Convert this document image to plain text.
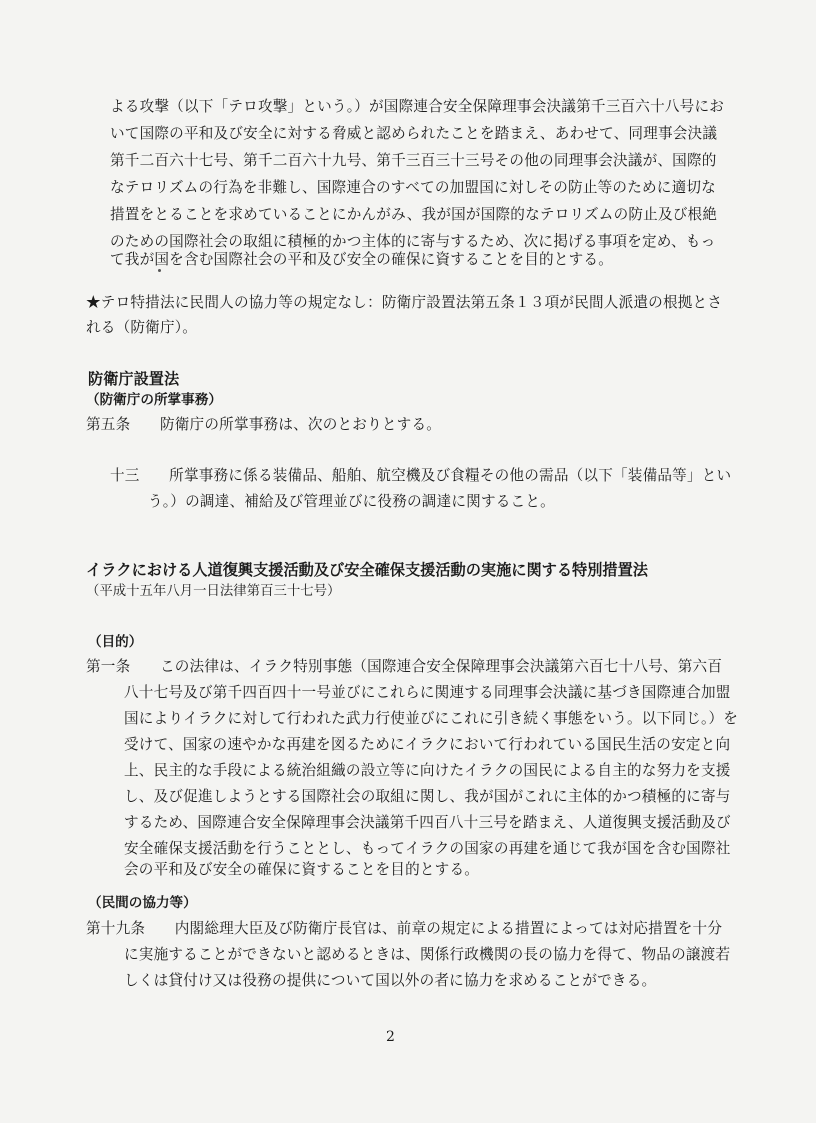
よる攻撃（以下「テロ攻撃」という。）が国際連合安全保障理事会決議第千三百六十八号にお
いて国際の平和及び安全に対する脅威と認められたことを踏まえ、あわせて、同理事会決議
第千二百六十七号、第千二百六十九号、第千三百三十三号その他の同理事会決議が、国際的
なテロリズムの行為を非難し、国際連合のすべての加盟国に対しその防止等のために適切な
措置をとることを求めていることにかんがみ、我が国が国際的なテロリズムの防止及び根絶
のための国際社会の取組に積極的かつ主体的に寄与するため、次に掲げる事項を定め、もっ
て我が国を含む国際社会の平和及び安全の確保に資することを目的とする。
★テロ特措法に民間人の協力等の規定なし：防衛庁設置法第五条１３項が民間人派遣の根拠とさ
れる（防衛庁）。
防衛庁設置法
（防衛庁の所掌事務）
第五条　　防衛庁の所掌事務は、次のとおりとする。
十三　　所掌事務に係る装備品、船舶、航空機及び食糧その他の需品（以下「装備品等」とい
う。）の調達、補給及び管理並びに役務の調達に関すること。
イラクにおける人道復興支援活動及び安全確保支援活動の実施に関する特別措置法
（平成十五年八月一日法律第百三十七号）
（目的）
第一条　　この法律は、イラク特別事態（国際連合安全保障理事会決議第六百七十八号、第六百
八十七号及び第千四百四十一号並びにこれらに関連する同理事会決議に基づき国際連合加盟
国によりイラクに対して行われた武力行使並びにこれに引き続く事態をいう。以下同じ。）を
受けて、国家の速やかな再建を図るためにイラクにおいて行われている国民生活の安定と向
上、民主的な手段による統治組織の設立等に向けたイラクの国民による自主的な努力を支援
し、及び促進しようとする国際社会の取組に関し、我が国がこれに主体的かつ積極的に寄与
するため、国際連合安全保障理事会決議第千四百八十三号を踏まえ、人道復興支援活動及び
安全確保支援活動を行うこととし、もってイラクの国家の再建を通じて我が国を含む国際社
会の平和及び安全の確保に資することを目的とする。
（民間の協力等）
第十九条　　内閣総理大臣及び防衛庁長官は、前章の規定による措置によっては対応措置を十分
に実施することができないと認めるときは、関係行政機関の長の協力を得て、物品の譲渡若
しくは貸付け又は役務の提供について国以外の者に協力を求めることができる。
2
